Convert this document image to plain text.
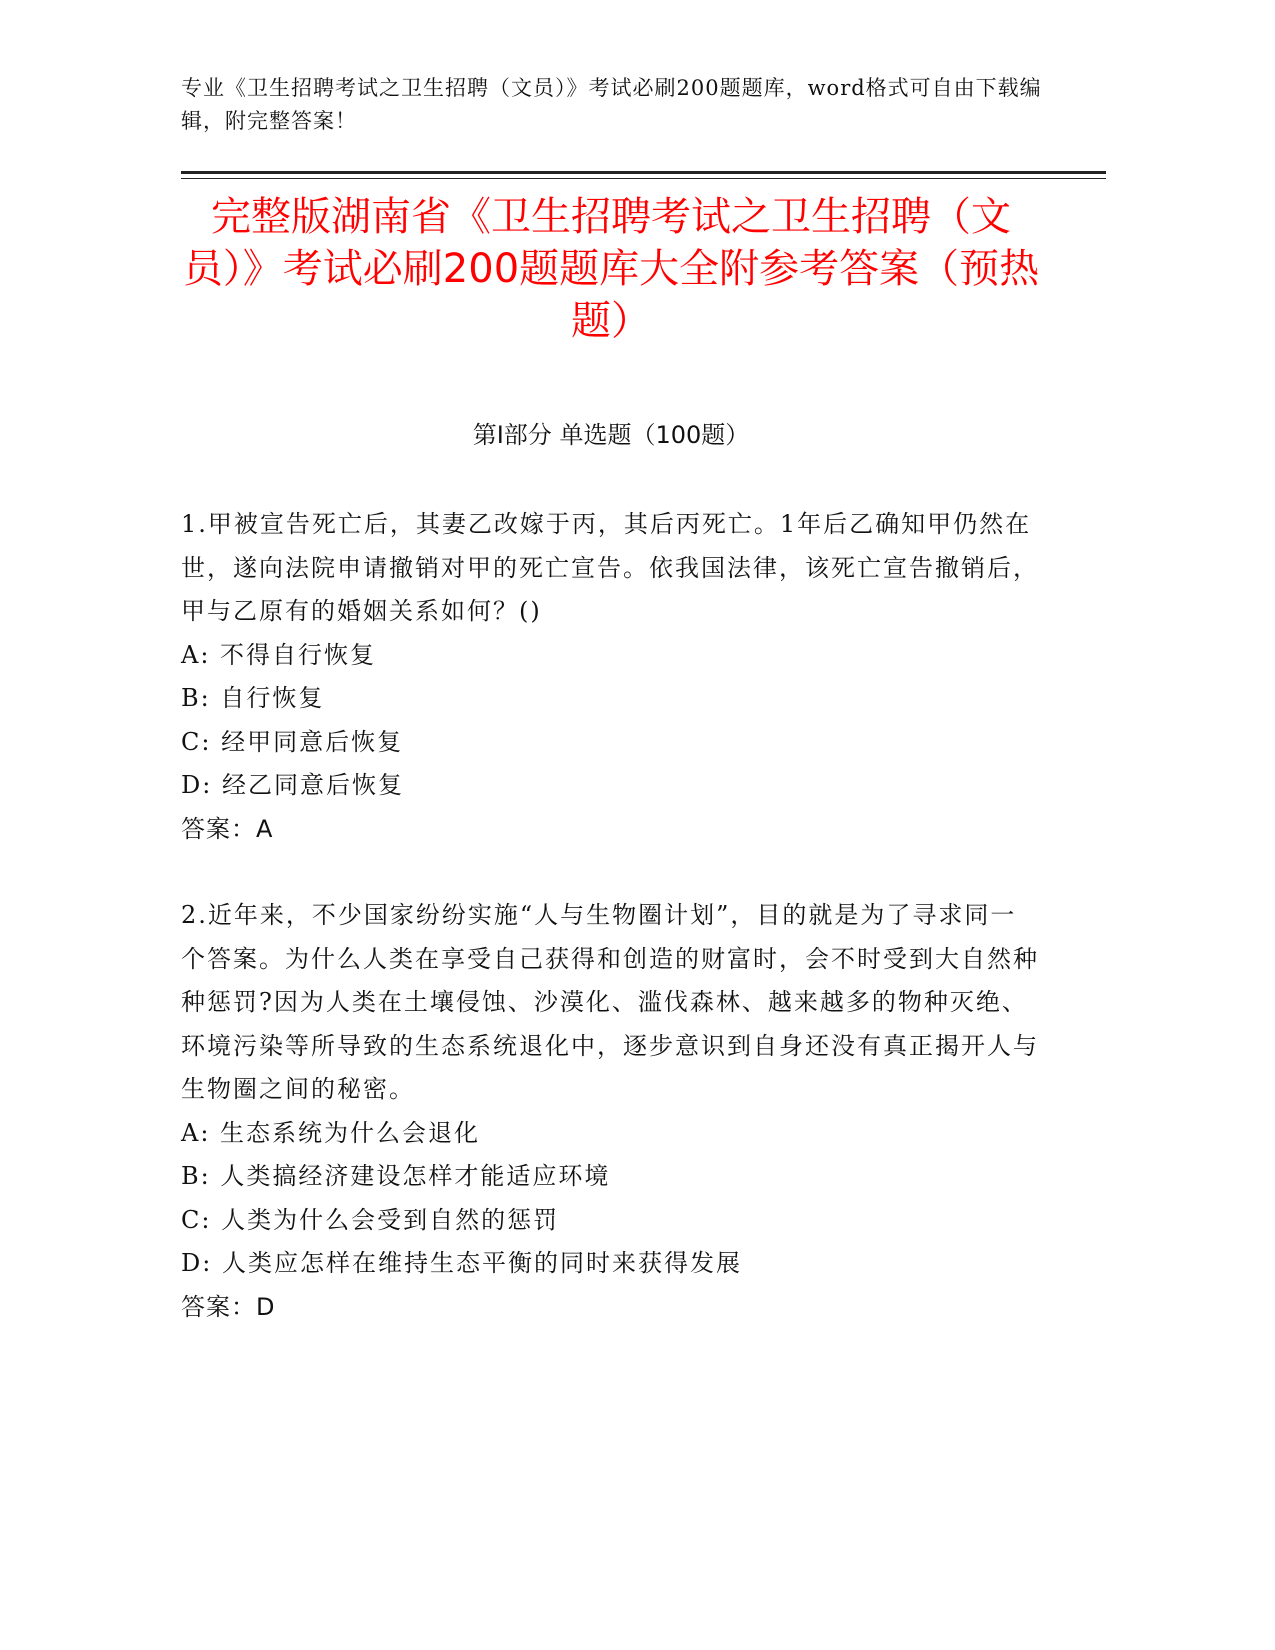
专业《卫生招聘考试之卫生招聘（文员）》考试必刷200题题库，word格式可自由下载编辑，附完整答案！
完整版湖南省《卫生招聘考试之卫生招聘（文员）》考试必刷200题题库大全附参考答案（预热题）
第Ⅰ部分 单选题（100题）
1.甲被宣告死亡后，其妻乙改嫁于丙，其后丙死亡。1年后乙确知甲仍然在世，遂向法院申请撤销对甲的死亡宣告。依我国法律，该死亡宣告撤销后，甲与乙原有的婚姻关系如何？()
A: 不得自行恢复
B: 自行恢复
C: 经甲同意后恢复
D: 经乙同意后恢复
答案：A
2.近年来，不少国家纷纷实施“人与生物圈计划”，目的就是为了寻求同一个答案。为什么人类在享受自己获得和创造的财富时，会不时受到大自然种种惩罚?因为人类在土壤侵蚀、沙漠化、滥伐森林、越来越多的物种灭绝、环境污染等所导致的生态系统退化中，逐步意识到自身还没有真正揭开人与生物圈之间的秘密。
A: 生态系统为什么会退化
B: 人类搞经济建设怎样才能适应环境
C: 人类为什么会受到自然的惩罚
D: 人类应怎样在维持生态平衡的同时来获得发展
答案：D
